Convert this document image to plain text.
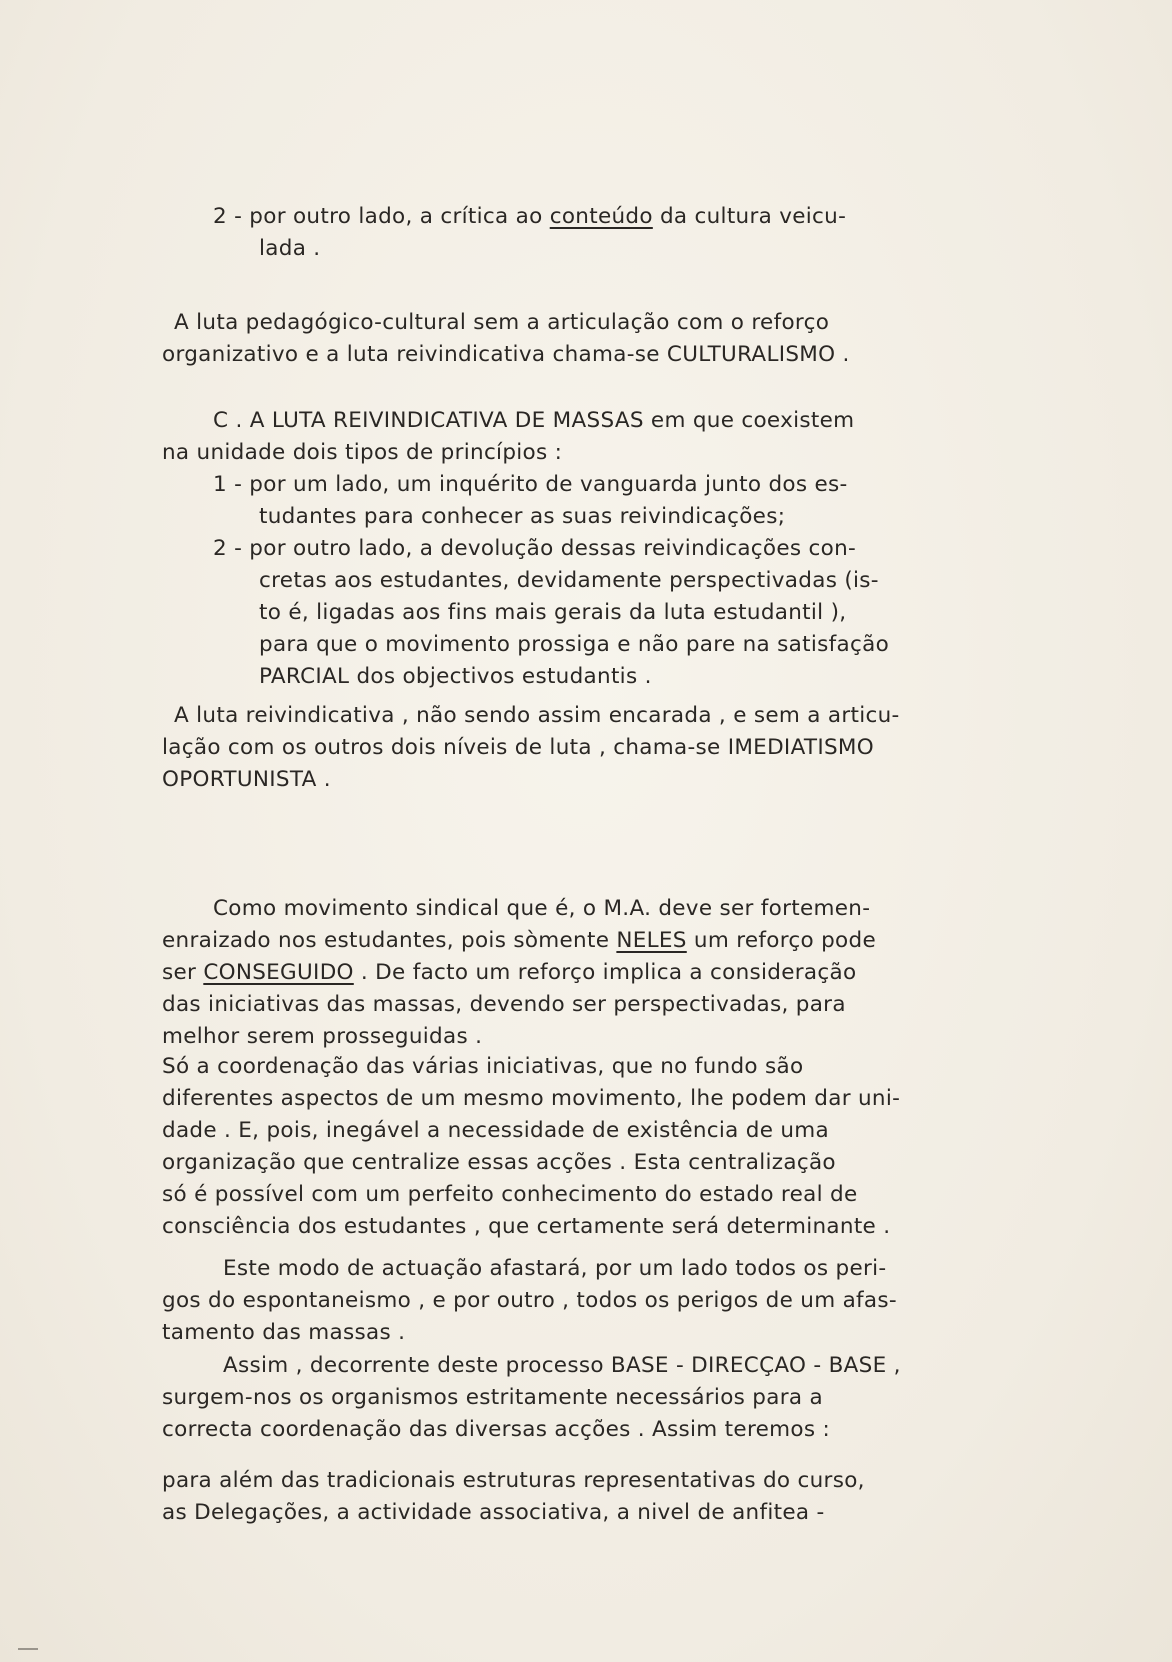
2 - por outro lado, a crítica ao conteúdo da cultura veicu-
lada .
A luta pedagógico-cultural sem a articulação com o reforço
organizativo e a luta reivindicativa chama-se CULTURALISMO .
C . A LUTA REIVINDICATIVA DE MASSAS em que coexistem
na unidade dois tipos de princípios :
1 - por um lado, um inquérito de vanguarda junto dos es-
tudantes para conhecer as suas reivindicações;
2 - por outro lado, a devolução dessas reivindicações con-
cretas aos estudantes, devidamente perspectivadas (is-
to é, ligadas aos fins mais gerais da luta estudantil ),
para que o movimento prossiga e não pare na satisfação
PARCIAL dos objectivos estudantis .
A luta reivindicativa , não sendo assim encarada , e sem a articu-
lação com os outros dois níveis de luta , chama-se IMEDIATISMO
OPORTUNISTA .
Como movimento sindical que é, o M.A. deve ser fortemen-
enraizado nos estudantes, pois sòmente NELES um reforço pode
ser CONSEGUIDO . De facto um reforço implica a consideração
das iniciativas das massas, devendo ser perspectivadas, para
melhor serem prosseguidas .
Só a coordenação das várias iniciativas, que no fundo são
diferentes aspectos de um mesmo movimento, lhe podem dar uni-
dade . E, pois, inegável a necessidade de existência de uma
organização que centralize essas acções . Esta centralização
só é possível com um perfeito conhecimento do estado real de
consciência dos estudantes , que certamente será determinante .
Este modo de actuação afastará, por um lado todos os peri-
gos do espontaneismo , e por outro , todos os perigos de um afas-
tamento das massas .
Assim , decorrente deste processo BASE - DIRECÇAO - BASE ,
surgem-nos os organismos estritamente necessários para a
correcta coordenação das diversas acções . Assim teremos :
para além das tradicionais estruturas representativas do curso,
as Delegações, a actividade associativa, a nivel de anfitea -
